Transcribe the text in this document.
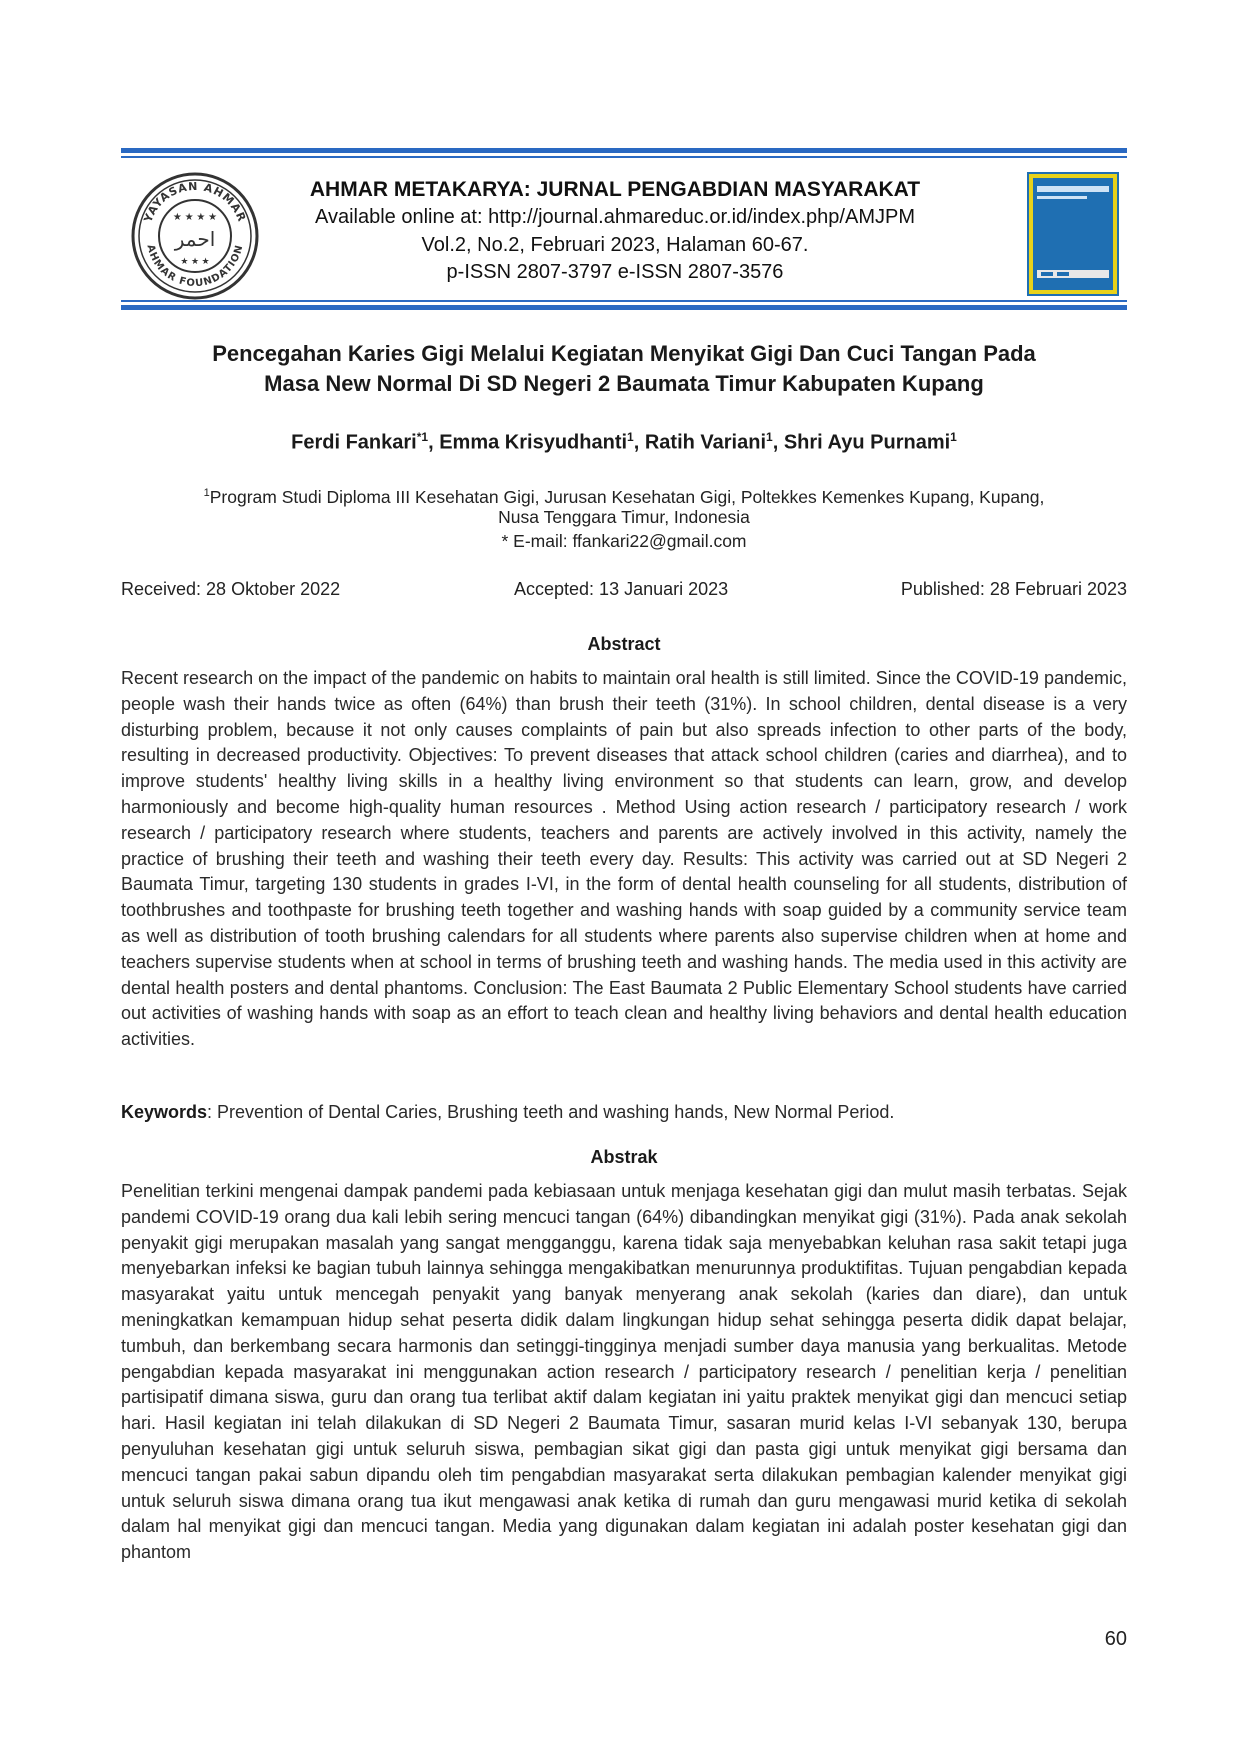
YAYASAN AHMAR
AHMAR FOUNDATION
★ ★ ★ ★
احمر
★ ★ ★
AHMAR METAKARYA: JURNAL PENGABDIAN MASYARAKAT
Available online at: http://journal.ahmareduc.or.id/index.php/AMJPM
Vol.2, No.2, Februari 2023, Halaman 60-67.
p-ISSN 2807-3797 e-ISSN 2807-3576
Pencegahan Karies Gigi Melalui Kegiatan Menyikat Gigi Dan Cuci Tangan Pada
Masa New Normal Di SD Negeri 2 Baumata Timur Kabupaten Kupang
Ferdi Fankari$^{*1}$, Emma Krisyudhanti$^1$, Ratih Variani$^1$, Shri Ayu Purnami$^1$
$^1$Program Studi Diploma III Kesehatan Gigi, Jurusan Kesehatan Gigi, Poltekkes Kemenkes Kupang, Kupang,
Nusa Tenggara Timur, Indonesia
* E-mail: ffankari22@gmail.com
Received: 28 Oktober 2022	Accepted: 13 Januari 2023	Published: 28 Februari 2023
Abstract

Recent research on the impact of the pandemic on habits to maintain oral health is still limited. Since the COVID-19 pandemic, people wash their hands twice as often (64%) than brush their teeth (31%). In school children, dental disease is a very disturbing problem, because it not only causes complaints of pain but also spreads infection to other parts of the body, resulting in decreased productivity. Objectives: To prevent diseases that attack school children (caries and diarrhea), and to improve students' healthy living skills in a healthy living environment so that students can learn, grow, and develop harmoniously and become high-quality human resources . Method Using action research / participatory research / work research / participatory research where students, teachers and parents are actively involved in this activity, namely the practice of brushing their teeth and washing their teeth every day. Results: This activity was carried out at SD Negeri 2 Baumata Timur, targeting 130 students in grades I-VI, in the form of dental health counseling for all students, distribution of toothbrushes and toothpaste for brushing teeth together and washing hands with soap guided by a community service team as well as distribution of tooth brushing calendars for all students where parents also supervise children when at home and teachers supervise students when at school in terms of brushing teeth and washing hands. The media used in this activity are dental health posters and dental phantoms. Conclusion: The East Baumata 2 Public Elementary School students have carried out activities of washing hands with soap as an effort to teach clean and healthy living behaviors and dental health education activities.

Keywords: Prevention of Dental Caries, Brushing teeth and washing hands, New Normal Period.
Abstrak

Penelitian terkini mengenai dampak pandemi pada kebiasaan untuk menjaga kesehatan gigi dan mulut masih terbatas. Sejak pandemi COVID-19 orang dua kali lebih sering mencuci tangan (64%) dibandingkan menyikat gigi (31%). Pada anak sekolah penyakit gigi merupakan masalah yang sangat mengganggu, karena tidak saja menyebabkan keluhan rasa sakit tetapi juga menyebarkan infeksi ke bagian tubuh lainnya sehingga mengakibatkan menurunnya produktifitas. Tujuan pengabdian kepada masyarakat yaitu untuk mencegah penyakit yang banyak menyerang anak sekolah (karies dan diare), dan untuk meningkatkan kemampuan hidup sehat peserta didik dalam lingkungan hidup sehat sehingga peserta didik dapat belajar, tumbuh, dan berkembang secara harmonis dan setinggi-tingginya menjadi sumber daya manusia yang berkualitas. Metode pengabdian kepada masyarakat ini menggunakan action research / participatory research / penelitian kerja / penelitian partisipatif dimana siswa, guru dan orang tua terlibat aktif dalam kegiatan ini yaitu praktek menyikat gigi dan mencuci setiap hari. Hasil kegiatan ini telah dilakukan di SD Negeri 2 Baumata Timur, sasaran murid kelas I-VI sebanyak 130, berupa penyuluhan kesehatan gigi untuk seluruh siswa, pembagian sikat gigi dan pasta gigi untuk menyikat gigi bersama dan mencuci tangan pakai sabun dipandu oleh tim pengabdian masyarakat serta dilakukan pembagian kalender menyikat gigi untuk seluruh siswa dimana orang tua ikut mengawasi anak ketika di rumah dan guru mengawasi murid ketika di sekolah dalam hal menyikat gigi dan mencuci tangan. Media yang digunakan dalam kegiatan ini adalah poster kesehatan gigi dan phantom

60
